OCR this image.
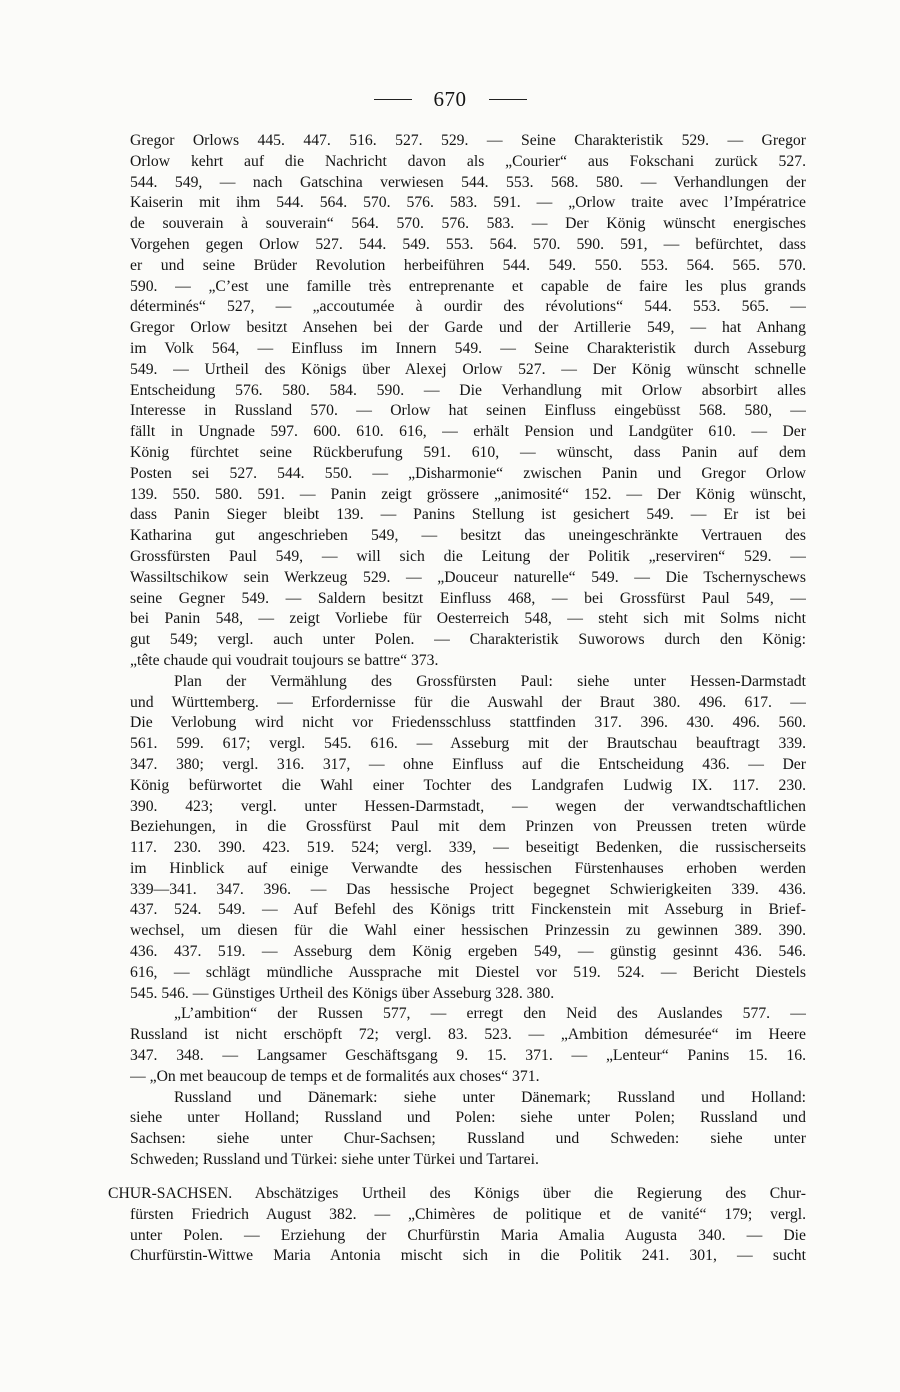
670
Gregor Orlows 445. 447. 516. 527. 529. — Seine Charakteristik 529. — Gregor
Orlow kehrt auf die Nachricht davon als „Courier“ aus Fokschani zurück 527.
544. 549, — nach Gatschina verwiesen 544. 553. 568. 580. — Verhandlungen der
Kaiserin mit ihm 544. 564. 570. 576. 583. 591. — „Orlow traite avec l’Impératrice
de souverain à souverain“ 564. 570. 576. 583. — Der König wünscht energisches
Vorgehen gegen Orlow 527. 544. 549. 553. 564. 570. 590. 591, — befürchtet, dass
er und seine Brüder Revolution herbeiführen 544. 549. 550. 553. 564. 565. 570.
590. — „C’est une famille très entreprenante et capable de faire les plus grands
déterminés“ 527, — „accoutumée à ourdir des révolutions“ 544. 553. 565. —
Gregor Orlow besitzt Ansehen bei der Garde und der Artillerie 549, — hat Anhang
im Volk 564, — Einfluss im Innern 549. — Seine Charakteristik durch Asseburg
549. — Urtheil des Königs über Alexej Orlow 527. — Der König wünscht schnelle
Entscheidung 576. 580. 584. 590. — Die Verhandlung mit Orlow absorbirt alles
Interesse in Russland 570. — Orlow hat seinen Einfluss eingebüsst 568. 580, —
fällt in Ungnade 597. 600. 610. 616, — erhält Pension und Landgüter 610. — Der
König fürchtet seine Rückberufung 591. 610, — wünscht, dass Panin auf dem
Posten sei 527. 544. 550. — „Disharmonie“ zwischen Panin und Gregor Orlow
139. 550. 580. 591. — Panin zeigt grössere „animosité“ 152. — Der König wünscht,
dass Panin Sieger bleibt 139. — Panins Stellung ist gesichert 549. — Er ist bei
Katharina gut angeschrieben 549, — besitzt das uneingeschränkte Vertrauen des
Grossfürsten Paul 549, — will sich die Leitung der Politik „reserviren“ 529. —
Wassiltschikow sein Werkzeug 529. — „Douceur naturelle“ 549. — Die Tschernyschews
seine Gegner 549. — Saldern besitzt Einfluss 468, — bei Grossfürst Paul 549, —
bei Panin 548, — zeigt Vorliebe für Oesterreich 548, — steht sich mit Solms nicht
gut 549; vergl. auch unter Polen. — Charakteristik Suworows durch den König:
„tête chaude qui voudrait toujours se battre“ 373.
Plan der Vermählung des Grossfürsten Paul: siehe unter Hessen-Darmstadt
und Württemberg. — Erfordernisse für die Auswahl der Braut 380. 496. 617. —
Die Verlobung wird nicht vor Friedensschluss stattfinden 317. 396. 430. 496. 560.
561. 599. 617; vergl. 545. 616. — Asseburg mit der Brautschau beauftragt 339.
347. 380; vergl. 316. 317, — ohne Einfluss auf die Entscheidung 436. — Der
König befürwortet die Wahl einer Tochter des Landgrafen Ludwig IX. 117. 230.
390. 423; vergl. unter Hessen-Darmstadt, — wegen der verwandtschaftlichen
Beziehungen, in die Grossfürst Paul mit dem Prinzen von Preussen treten würde
117. 230. 390. 423. 519. 524; vergl. 339, — beseitigt Bedenken, die russischerseits
im Hinblick auf einige Verwandte des hessischen Fürstenhauses erhoben werden
339—341. 347. 396. — Das hessische Project begegnet Schwierigkeiten 339. 436.
437. 524. 549. — Auf Befehl des Königs tritt Finckenstein mit Asseburg in Brief-
wechsel, um diesen für die Wahl einer hessischen Prinzessin zu gewinnen 389. 390.
436. 437. 519. — Asseburg dem König ergeben 549, — günstig gesinnt 436. 546.
616, — schlägt mündliche Aussprache mit Diestel vor 519. 524. — Bericht Diestels
545. 546. — Günstiges Urtheil des Königs über Asseburg 328. 380.
„L’ambition“ der Russen 577, — erregt den Neid des Auslandes 577. —
Russland ist nicht erschöpft 72; vergl. 83. 523. — „Ambition démesurée“ im Heere
347. 348. — Langsamer Geschäftsgang 9. 15. 371. — „Lenteur“ Panins 15. 16.
— „On met beaucoup de temps et de formalités aux choses“ 371.
Russland und Dänemark: siehe unter Dänemark; Russland und Holland:
siehe unter Holland; Russland und Polen: siehe unter Polen; Russland und
Sachsen: siehe unter Chur-Sachsen; Russland und Schweden: siehe unter
Schweden; Russland und Türkei: siehe unter Türkei und Tartarei.
CHUR-SACHSEN. Abschätziges Urtheil des Königs über die Regierung des Chur-
fürsten Friedrich August 382. — „Chimères de politique et de vanité“ 179; vergl.
unter Polen. — Erziehung der Churfürstin Maria Amalia Augusta 340. — Die
Churfürstin-Wittwe Maria Antonia mischt sich in die Politik 241. 301, — sucht
